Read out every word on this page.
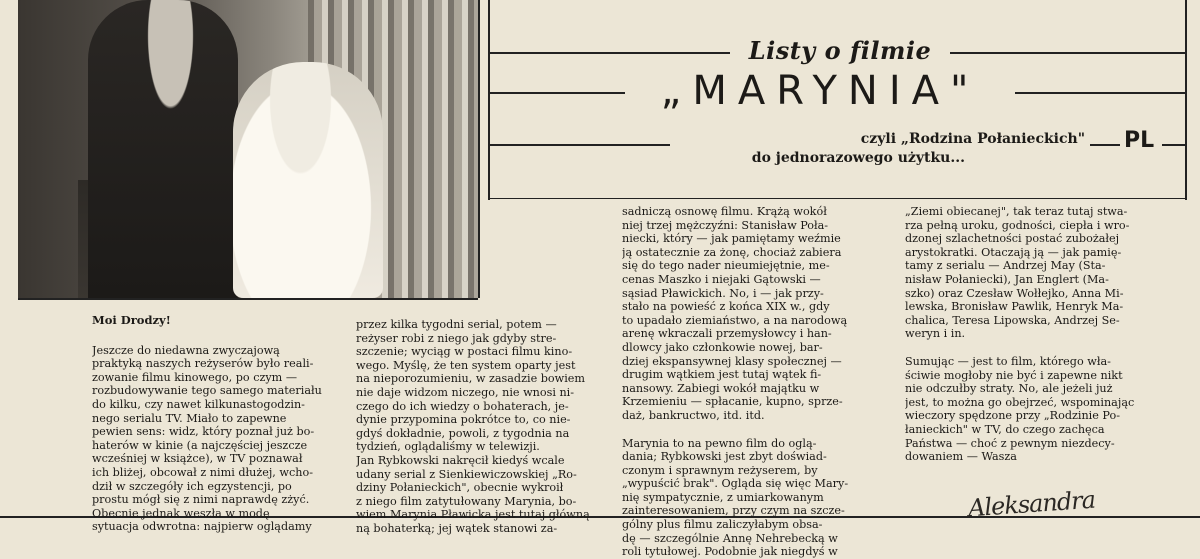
Listy o filmie
„MARYNIA"
czyli „Rodzina Połanieckich"
do jednorazowego użytku...
PL
Moi Drodzy!
Jeszcze do niedawna zwyczajową
praktyką naszych reżyserów było reali-
zowanie filmu kinowego, po czym —
rozbudowywanie tego samego materiału
do kilku, czy nawet kilkunastogodzin-
nego serialu TV. Miało to zapewne
pewien sens: widz, który poznał już bo-
haterów w kinie (a najczęściej jeszcze
wcześniej w książce), w TV poznawał
ich bliżej, obcował z nimi dłużej, wcho-
dził w szczegóły ich egzystencji, po
prostu mógł się z nimi naprawdę zżyć.
Obecnie jednak weszła w modę
sytuacja odwrotna: najpierw oglądamy
przez kilka tygodni serial, potem —
reżyser robi z niego jak gdyby stre-
szczenie; wyciąg w postaci filmu kino-
wego. Myślę, że ten system oparty jest
na nieporozumieniu, w zasadzie bowiem
nie daje widzom niczego, nie wnosi ni-
czego do ich wiedzy o bohaterach, je-
dynie przypomina pokrótce to, co nie-
gdyś dokładnie, powoli, z tygodnia na
tydzień, oglądaliśmy w telewizji.
Jan Rybkowski nakręcił kiedyś wcale
udany serial z Sienkiewiczowskiej „Ro-
dziny Połanieckich", obecnie wykroił
z niego film zatytułowany Marynia, bo-
wiem Marynia Pławicka jest tutaj główną
ną bohaterką; jej wątek stanowi za-
sadniczą osnowę filmu. Krążą wokół
niej trzej mężczyźni: Stanisław Poła-
niecki, który — jak pamiętamy weźmie
ją ostatecznie za żonę, chociaż zabiera
się do tego nader nieumiejętnie, me-
cenas Maszko i niejaki Gątowski —
sąsiad Pławickich. No, i — jak przy-
stało na powieść z końca XIX w., gdy
to upadało ziemiaństwo, a na narodową
arenę wkraczali przemysłowcy i han-
dlowcy jako członkowie nowej, bar-
dziej ekspansywnej klasy społecznej —
drugim wątkiem jest tutaj wątek fi-
nansowy. Zabiegi wokół majątku w
Krzemieniu — spłacanie, kupno, sprze-
daż, bankructwo, itd. itd.
Marynia to na pewno film do oglą-
dania; Rybkowski jest zbyt doświad-
czonym i sprawnym reżyserem, by
„wypuścić brak". Ogląda się więc Mary-
nię sympatycznie, z umiarkowanym
zainteresowaniem, przy czym na szcze-
gólny plus filmu zaliczyłabym obsa-
dę — szczególnie Annę Nehrebecką w
roli tytułowej. Podobnie jak niegdyś w
„Ziemi obiecanej", tak teraz tutaj stwa-
rza pełną uroku, godności, ciepła i wro-
dzonej szlachetności postać zubożałej
arystokratki. Otaczają ją — jak pamię-
tamy z serialu — Andrzej May (Sta-
nisław Połaniecki), Jan Englert (Ma-
szko) oraz Czesław Wołłejko, Anna Mi-
lewska, Bronisław Pawlik, Henryk Ma-
chalica, Teresa Lipowska, Andrzej Se-
weryn i in.
Sumując — jest to film, którego wła-
ściwie mogłoby nie być i zapewne nikt
nie odczułby straty. No, ale jeżeli już
jest, to można go obejrzeć, wspominając
wieczory spędzone przy „Rodzinie Po-
łanieckich" w TV, do czego zachęca
Państwa — choć z pewnym niezdecy-
dowaniem — Wasza
Aleksandra
